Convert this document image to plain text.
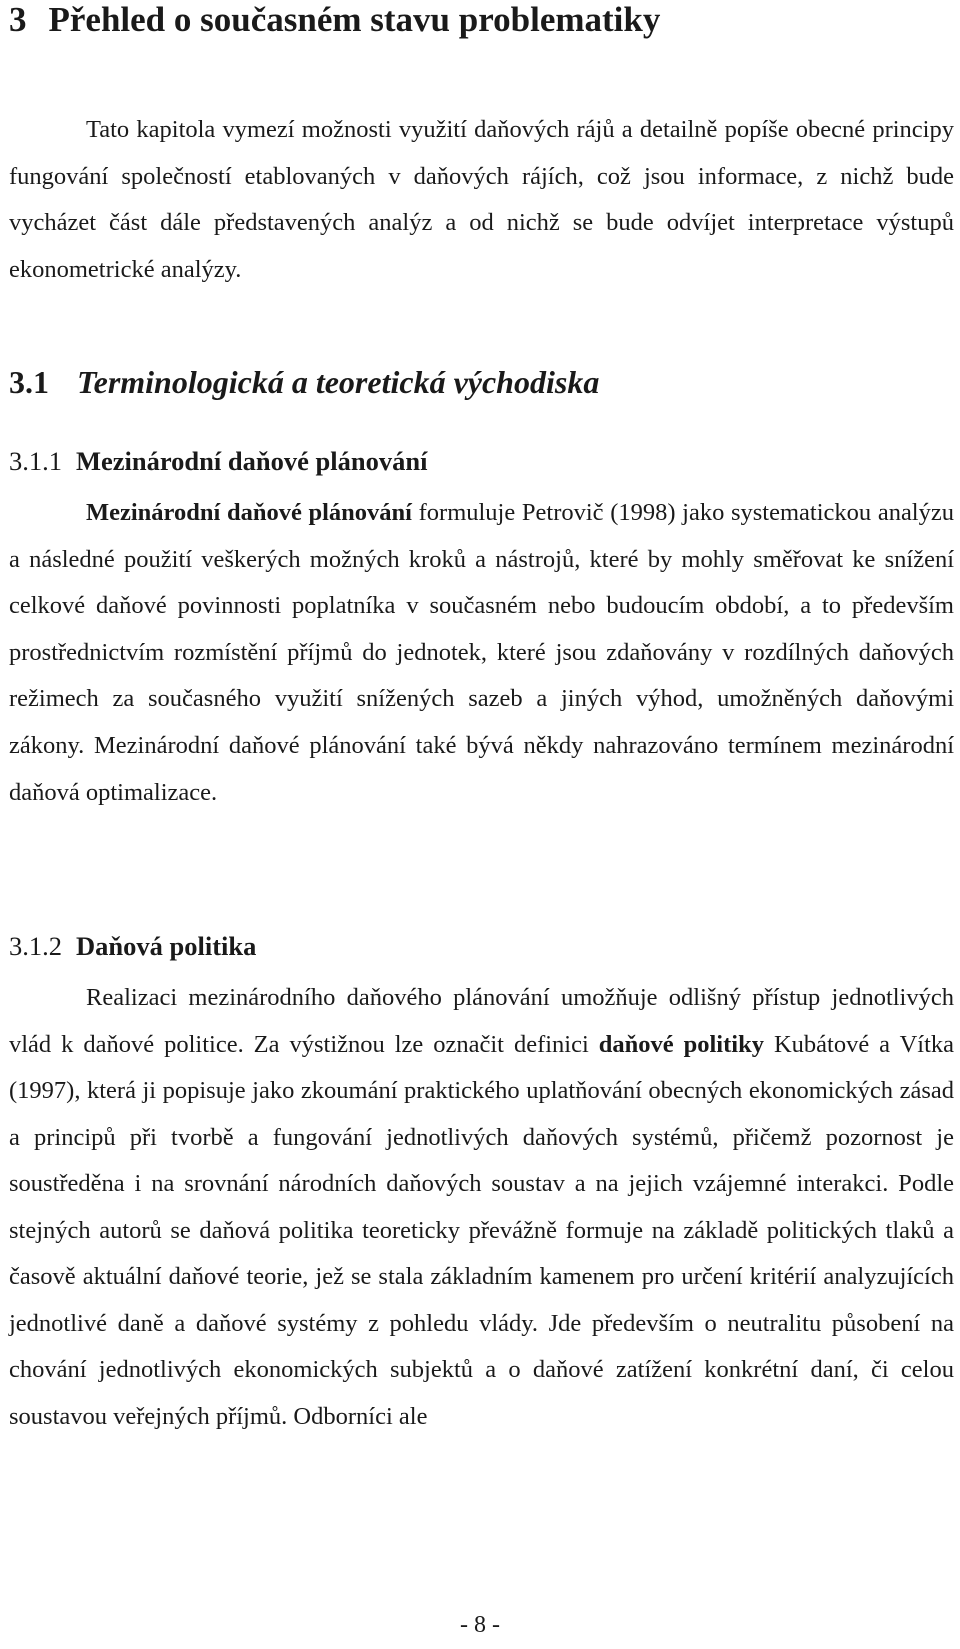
3 Přehled o současném stavu problematiky

Tato kapitola vymezí možnosti využití daňových rájů a detailně popíše obecné principy fungování společností etablovaných v daňových rájích, což jsou informace, z nichž bude vycházet část dále představených analýz a od nichž se bude odvíjet interpretace výstupů ekonometrické analýzy.

3.1 Terminologická a teoretická východiska
3.1.1 Mezinárodní daňové plánování

Mezinárodní daňové plánování formuluje Petrovič (1998) jako systematickou analýzu a následné použití veškerých možných kroků a nástrojů, které by mohly směřovat ke snížení celkové daňové povinnosti poplatníka v současném nebo budoucím období, a to především prostřednictvím rozmístění příjmů do jednotek, které jsou zdaňovány v rozdílných daňových režimech za současného využití snížených sazeb a jiných výhod, umožněných daňovými zákony. Mezinárodní daňové plánování také bývá někdy nahrazováno termínem mezinárodní daňová optimalizace.

3.1.2 Daňová politika

Realizaci mezinárodního daňového plánování umožňuje odlišný přístup jednotlivých vlád k daňové politice. Za výstižnou lze označit definici daňové politiky Kubátové a Vítka (1997), která ji popisuje jako zkoumání praktického uplatňování obecných ekonomických zásad a principů při tvorbě a fungování jednotlivých daňových systémů, přičemž pozornost je soustředěna i na srovnání národních daňových soustav a na jejich vzájemné interakci. Podle stejných autorů se daňová politika teoreticky převážně formuje na základě politických tlaků a časově aktuální daňové teorie, jež se stala základním kamenem pro určení kritérií analyzujících jednotlivé daně a daňové systémy z pohledu vlády. Jde především o neutralitu působení na chování jednotlivých ekonomických subjektů a o daňové zatížení konkrétní daní, či celou soustavou veřejných příjmů. Odborníci ale

- 8 -
